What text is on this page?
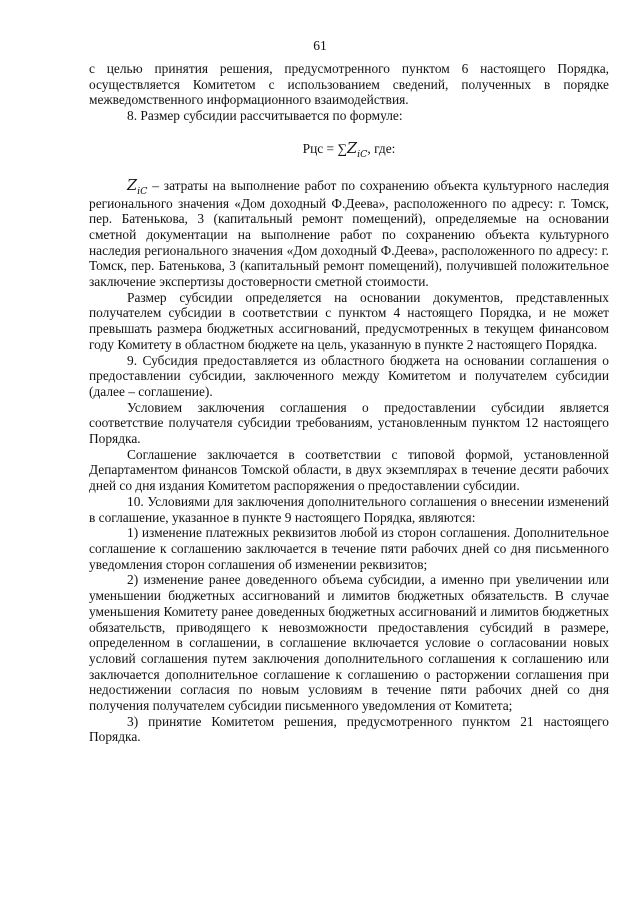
61

с целью принятия решения, предусмотренного пунктом 6 настоящего Порядка, осуществляется Комитетом с использованием сведений, полученных в порядке межведомственного информационного взаимодействия.

8. Размер субсидии рассчитывается по формуле:

Рцс = $\sum Z_{iC}$, где:

$Z_{iC}$ – затраты на выполнение работ по сохранению объекта культурного наследия регионального значения «Дом доходный Ф.Деева», расположенного по адресу: г. Томск, пер. Батенькова, 3 (капитальный ремонт помещений), определяемые на основании сметной документации на выполнение работ по сохранению объекта культурного наследия регионального значения «Дом доходный Ф.Деева», расположенного по адресу: г. Томск, пер. Батенькова, 3 (капитальный ремонт помещений), получившей положительное заключение экспертизы достоверности сметной стоимости.

Размер субсидии определяется на основании документов, представленных получателем субсидии в соответствии с пунктом 4 настоящего Порядка, и не может превышать размера бюджетных ассигнований, предусмотренных в текущем финансовом году Комитету в областном бюджете на цель, указанную в пункте 2 настоящего Порядка.

9. Субсидия предоставляется из областного бюджета на основании соглашения о предоставлении субсидии, заключенного между Комитетом и получателем субсидии (далее – соглашение).

Условием заключения соглашения о предоставлении субсидии является соответствие получателя субсидии требованиям, установленным пунктом 12 настоящего Порядка.

Соглашение заключается в соответствии с типовой формой, установленной Департаментом финансов Томской области, в двух экземплярах в течение десяти рабочих дней со дня издания Комитетом распоряжения о предоставлении субсидии.

10. Условиями для заключения дополнительного соглашения о внесении изменений в соглашение, указанное в пункте 9 настоящего Порядка, являются:

1) изменение платежных реквизитов любой из сторон соглашения. Дополнительное соглашение к соглашению заключается в течение пяти рабочих дней со дня письменного уведомления сторон соглашения об изменении реквизитов;

2) изменение ранее доведенного объема субсидии, а именно при увеличении или уменьшении бюджетных ассигнований и лимитов бюджетных обязательств. В случае уменьшения Комитету ранее доведенных бюджетных ассигнований и лимитов бюджетных обязательств, приводящего к невозможности предоставления субсидий в размере, определенном в соглашении, в соглашение включается условие о согласовании новых условий соглашения путем заключения дополнительного соглашения к соглашению или заключается дополнительное соглашение к соглашению о расторжении соглашения при недостижении согласия по новым условиям в течение пяти рабочих дней со дня получения получателем субсидии письменного уведомления от Комитета;

3) принятие Комитетом решения, предусмотренного пунктом 21 настоящего Порядка.
